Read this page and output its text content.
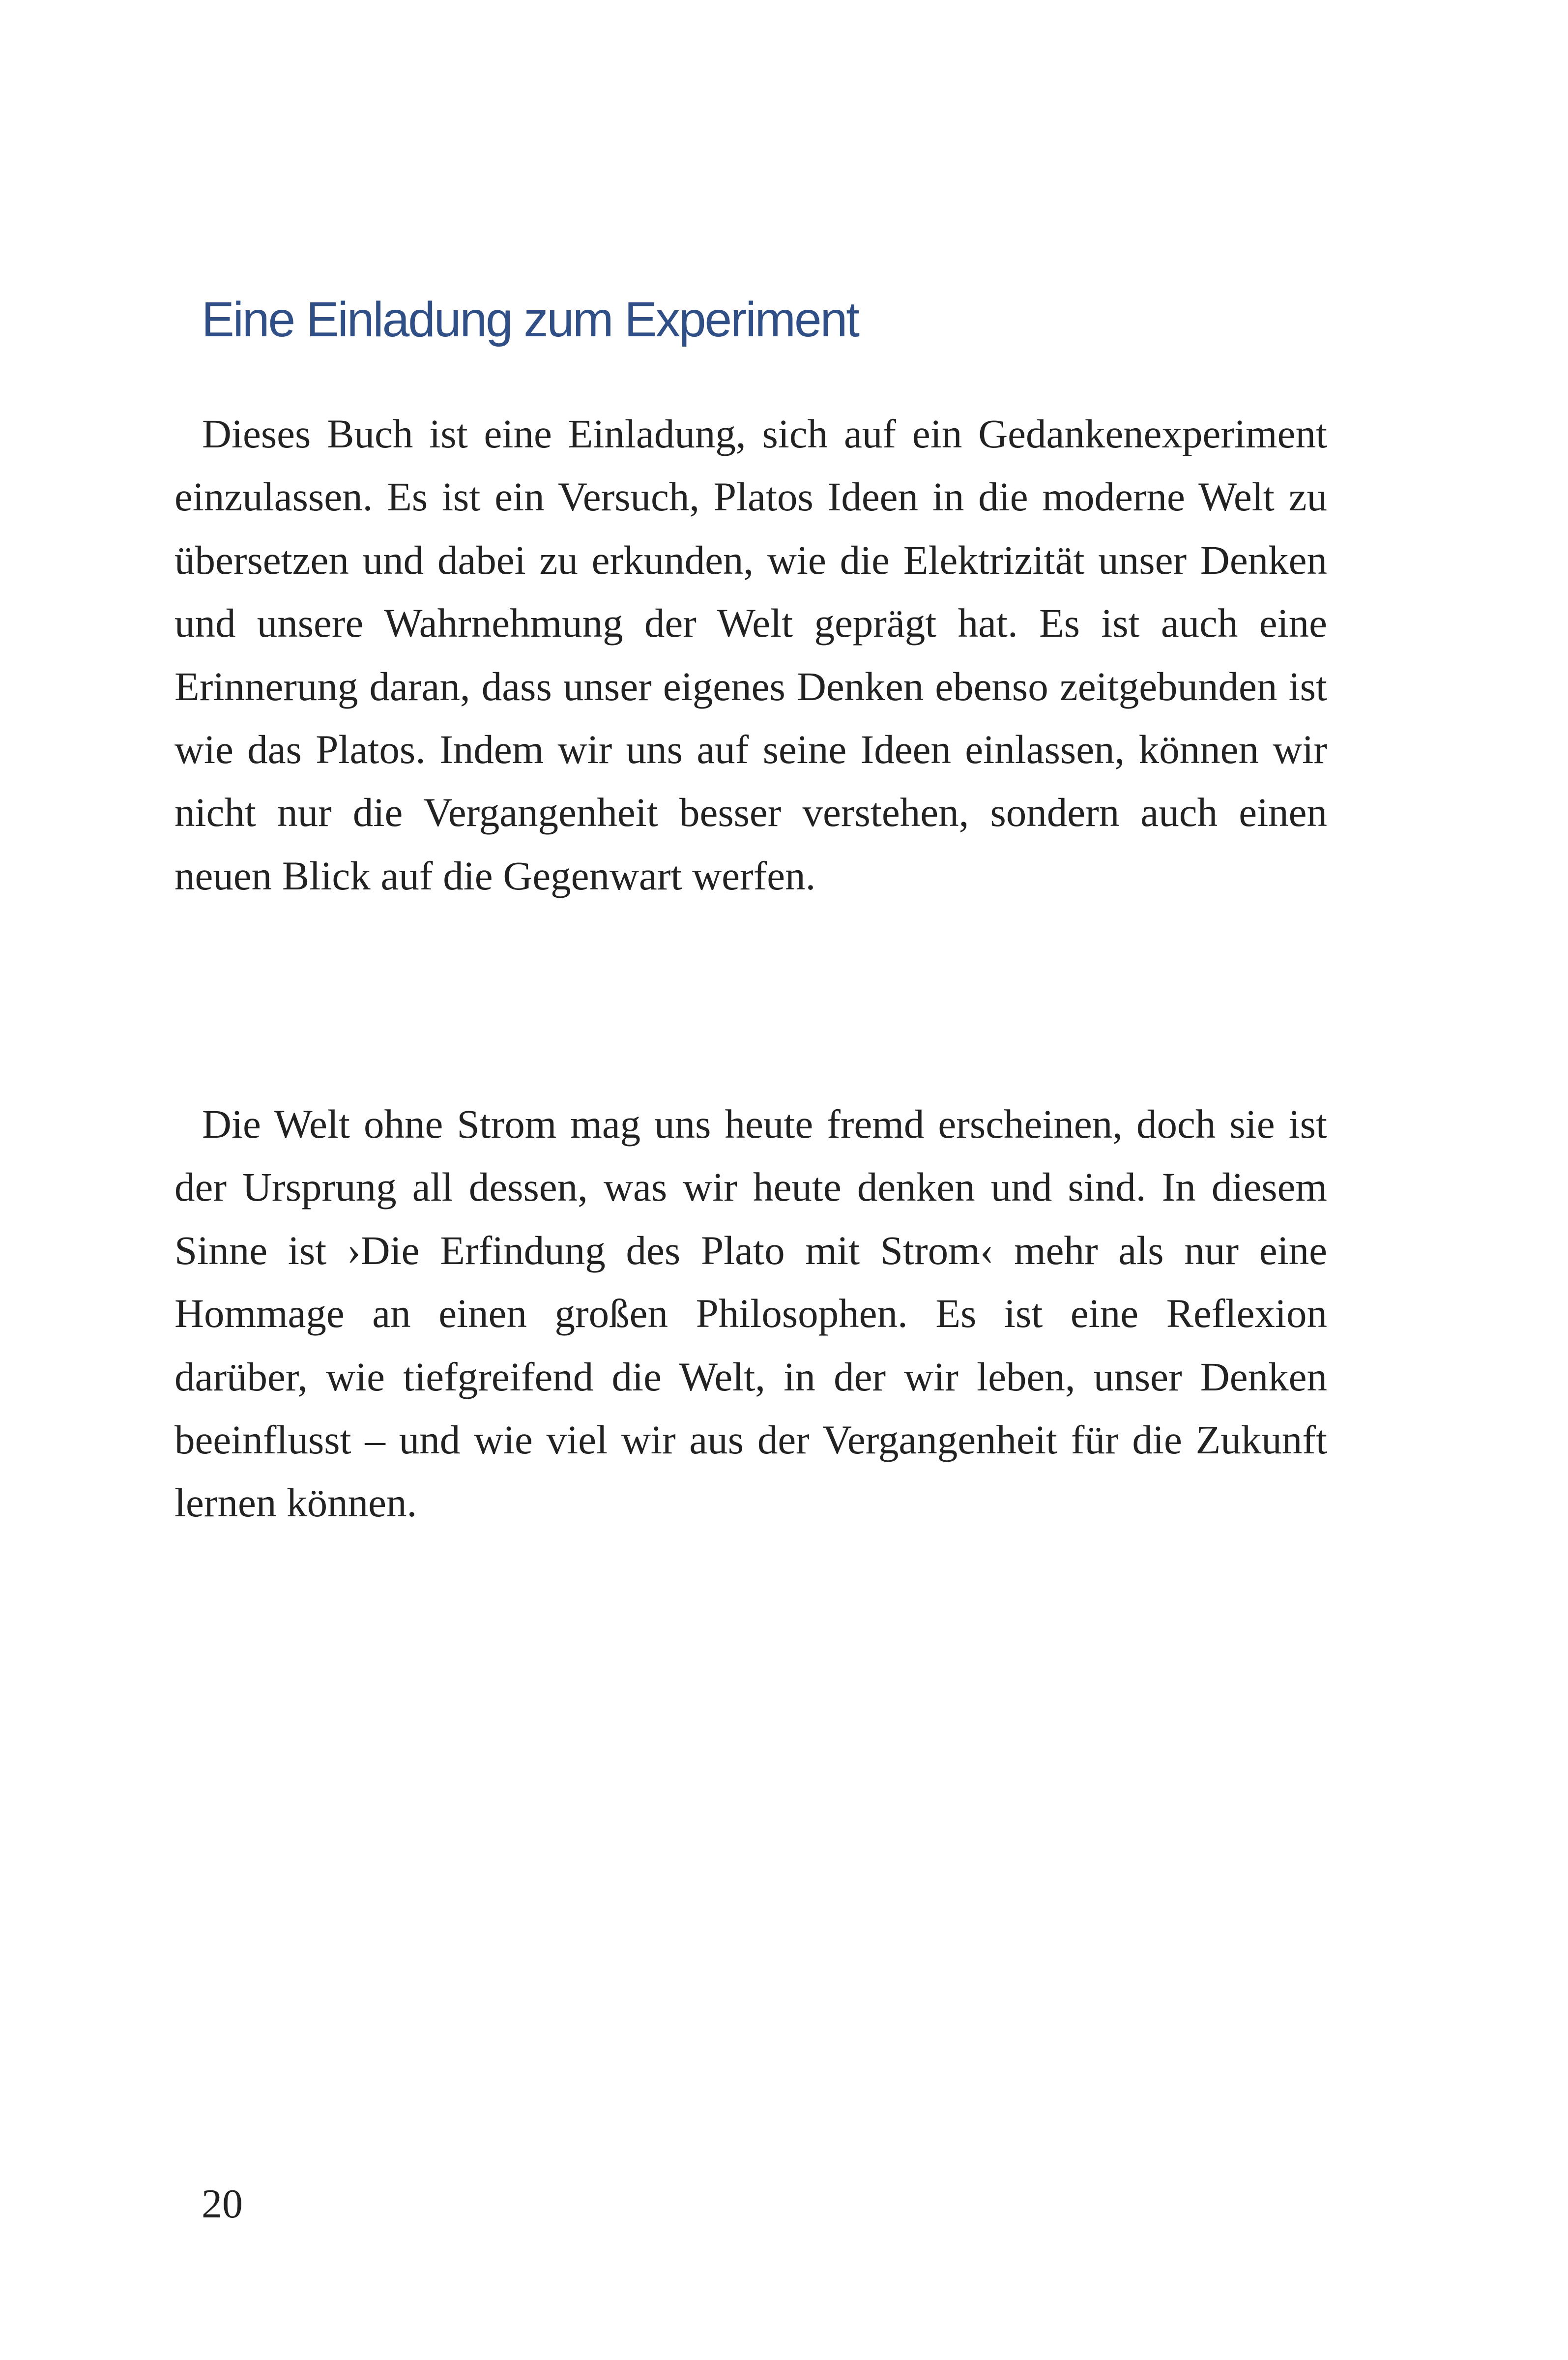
Eine Einladung zum Experiment

Dieses Buch ist eine Einladung, sich auf ein Gedankenexperiment einzulassen. Es ist ein Versuch, Platos Ideen in die moderne Welt zu übersetzen und dabei zu erkunden, wie die Elektrizität unser Denken und unsere Wahrnehmung der Welt geprägt hat. Es ist auch eine Erinnerung daran, dass unser eigenes Denken ebenso zeitgebunden ist wie das Platos. Indem wir uns auf seine Ideen einlassen, können wir nicht nur die Vergangenheit besser verstehen, sondern auch einen neuen Blick auf die Gegenwart werfen.

Die Welt ohne Strom mag uns heute fremd erscheinen, doch sie ist der Ursprung all dessen, was wir heute denken und sind. In diesem Sinne ist ›Die Erfindung des Plato mit Strom‹ mehr als nur eine Hommage an einen großen Philosophen. Es ist eine Reflexion darüber, wie tiefgreifend die Welt, in der wir leben, unser Denken beeinflusst – und wie viel wir aus der Vergangenheit für die Zukunft lernen können.

20
